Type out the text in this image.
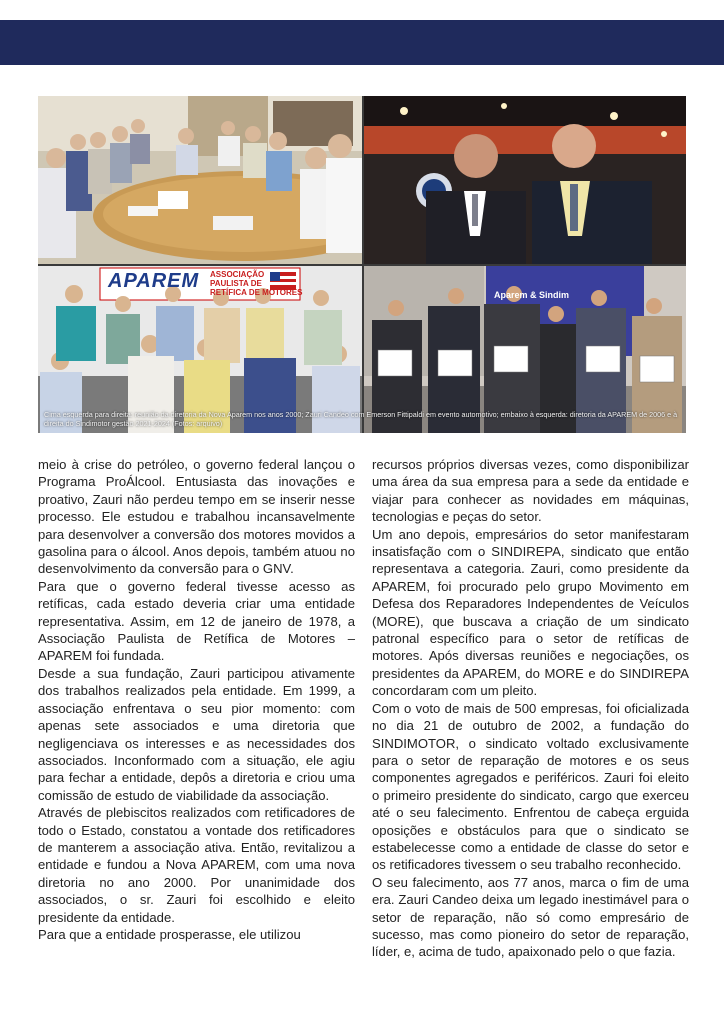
APAREM ASSOCIAÇÃO
PAULISTA DE
RETÍFICA DE MOTORES	Aparem & Sindim
Cima esquerda para direita: reunião da diretoria da Nova Aparem nos anos 2000; Zauri Candeo com Emerson Fittipaldi em evento automotivo; embaixo à esquerda: diretoria da APAREM de 2006 e à direita do Sindimotor gestão 2021-2024 (Fotos: arquivo)

meio à crise do petróleo, o governo federal lançou o Programa ProÁlcool. Entusiasta das inovações e proativo, Zauri não perdeu tempo em se inserir nesse processo. Ele estudou e trabalhou incansavelmente para desenvolver a conversão dos motores movidos a gasolina para o álcool. Anos depois, também atuou no desenvolvimento da conversão para o GNV.

Para que o governo federal tivesse acesso as retíficas, cada estado deveria criar uma entidade representativa. Assim, em 12 de janeiro de 1978, a Associação Paulista de Retífica de Motores – APAREM foi fundada.

Desde a sua fundação, Zauri participou ativamente dos trabalhos realizados pela entidade. Em 1999, a associação enfrentava o seu pior momento: com apenas sete associados e uma diretoria que negligenciava os interesses e as necessidades dos associados. Inconformado com a situação, ele agiu para fechar a entidade, depôs a diretoria e criou uma comissão de estudo de viabilidade da associação.

Através de plebiscitos realizados com retificadores de todo o Estado, constatou a vontade dos retificadores de manterem a associação ativa. Então, revitalizou a entidade e fundou a Nova APAREM, com uma nova diretoria no ano 2000. Por unanimidade dos associados, o sr. Zauri foi escolhido e eleito presidente da entidade.

Para que a entidade prosperasse, ele utilizou

recursos próprios diversas vezes, como disponibilizar uma área da sua empresa para a sede da entidade e viajar para conhecer as novidades em máquinas, tecnologias e peças do setor.

Um ano depois, empresários do setor manifestaram insatisfação com o SINDIREPA, sindicato que então representava a categoria. Zauri, como presidente da APAREM, foi procurado pelo grupo Movimento em Defesa dos Reparadores Independentes de Veículos (MORE), que buscava a criação de um sindicato patronal específico para o setor de retíficas de motores. Após diversas reuniões e negociações, os presidentes da APAREM, do MORE e do SINDIREPA concordaram com um pleito.

Com o voto de mais de 500 empresas, foi oficializada no dia 21 de outubro de 2002, a fundação do SINDIMOTOR, o sindicato voltado exclusivamente para o setor de reparação de motores e os seus componentes agregados e periféricos. Zauri foi eleito o primeiro presidente do sindicato, cargo que exerceu até o seu falecimento. Enfrentou de cabeça erguida oposições e obstáculos para que o sindicato se estabelecesse como a entidade de classe do setor e os retificadores tivessem o seu trabalho reconhecido.

O seu falecimento, aos 77 anos, marca o fim de uma era. Zauri Candeo deixa um legado inestimável para o setor de reparação, não só como empresário de sucesso, mas como pioneiro do setor de reparação, líder, e, acima de tudo, apaixonado pelo o que fazia.
